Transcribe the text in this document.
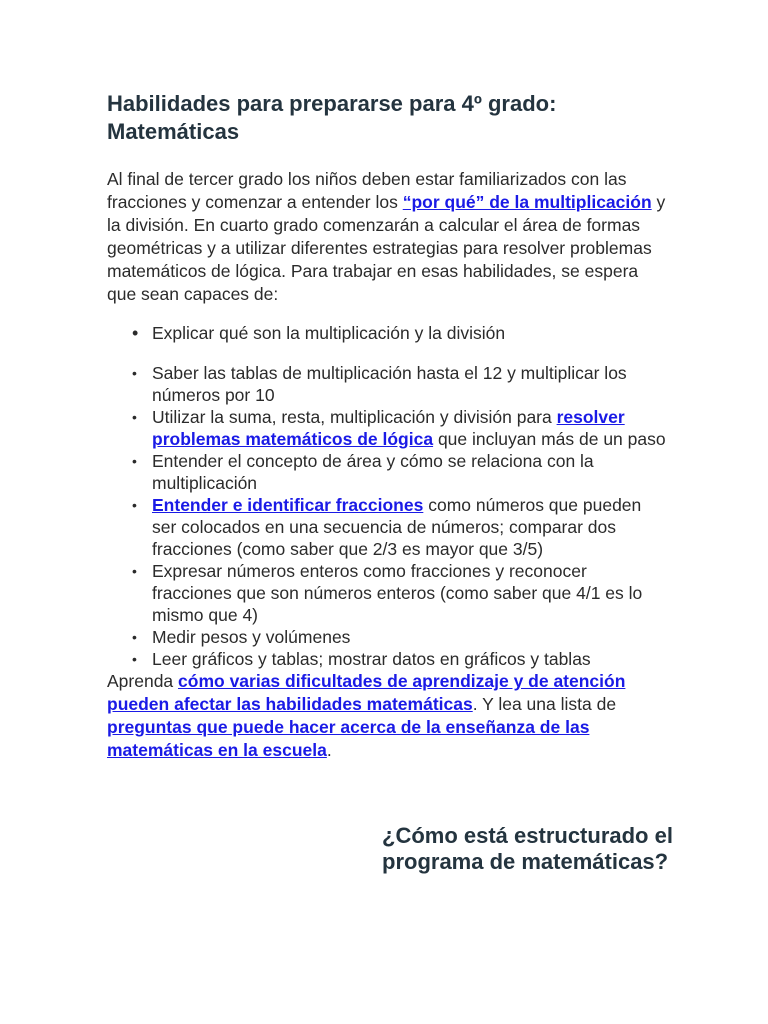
Habilidades para prepararse para 4º grado:
Matemáticas

Al final de tercer grado los niños deben estar familiarizados con las fracciones y comenzar a entender los “por qué” de la multiplicación y la división. En cuarto grado comenzarán a calcular el área de formas geométricas y a utilizar diferentes estrategias para resolver problemas matemáticos de lógica. Para trabajar en esas habilidades, se espera que sean capaces de:

• Explicar qué son la multiplicación y la división
• Saber las tablas de multiplicación hasta el 12 y multiplicar los números por 10
• Utilizar la suma, resta, multiplicación y división para resolver problemas matemáticos de lógica que incluyan más de un paso
• Entender el concepto de área y cómo se relaciona con la multiplicación
• Entender e identificar fracciones como números que pueden ser colocados en una secuencia de números; comparar dos fracciones (como saber que 2/3 es mayor que 3/5)
• Expresar números enteros como fracciones y reconocer fracciones que son números enteros (como saber que 4/1 es lo mismo que 4)
• Medir pesos y volúmenes
• Leer gráficos y tablas; mostrar datos en gráficos y tablas

Aprenda cómo varias dificultades de aprendizaje y de atención pueden afectar las habilidades matemáticas. Y lea una lista de preguntas que puede hacer acerca de la enseñanza de las matemáticas en la escuela.

¿Cómo está estructurado el programa de matemáticas?
